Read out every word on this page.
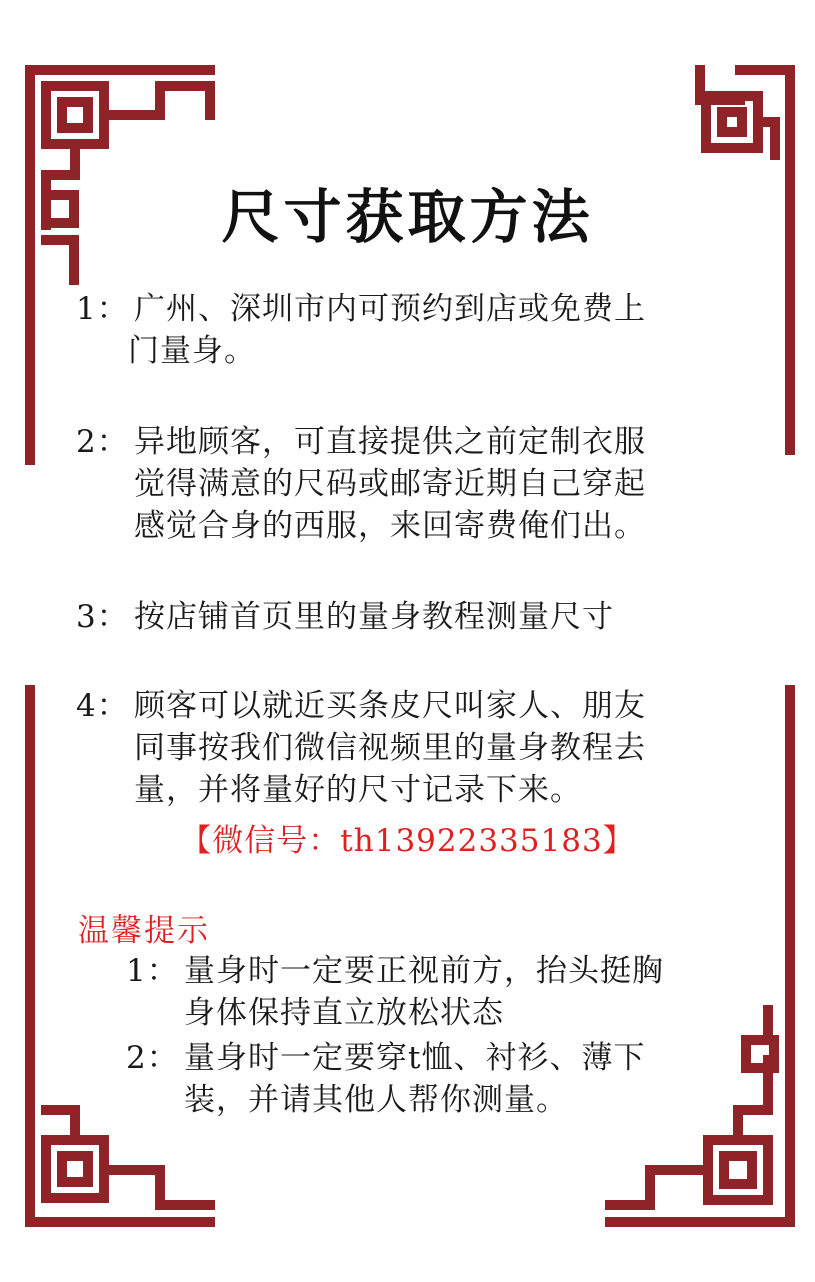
尺寸获取方法
1： 广州、深圳市内可预约到店或免费上
门量身。
2： 异地顾客，可直接提供之前定制衣服
觉得满意的尺码或邮寄近期自己穿起
感觉合身的西服，来回寄费俺们出。
3： 按店铺首页里的量身教程测量尺寸
4： 顾客可以就近买条皮尺叫家人、朋友
同事按我们微信视频里的量身教程去
量，并将量好的尺寸记录下来。
【微信号：th13922335183】
温馨提示
1： 量身时一定要正视前方，抬头挺胸
身体保持直立放松状态
2： 量身时一定要穿t恤、衬衫、薄下
装，并请其他人帮你测量。
